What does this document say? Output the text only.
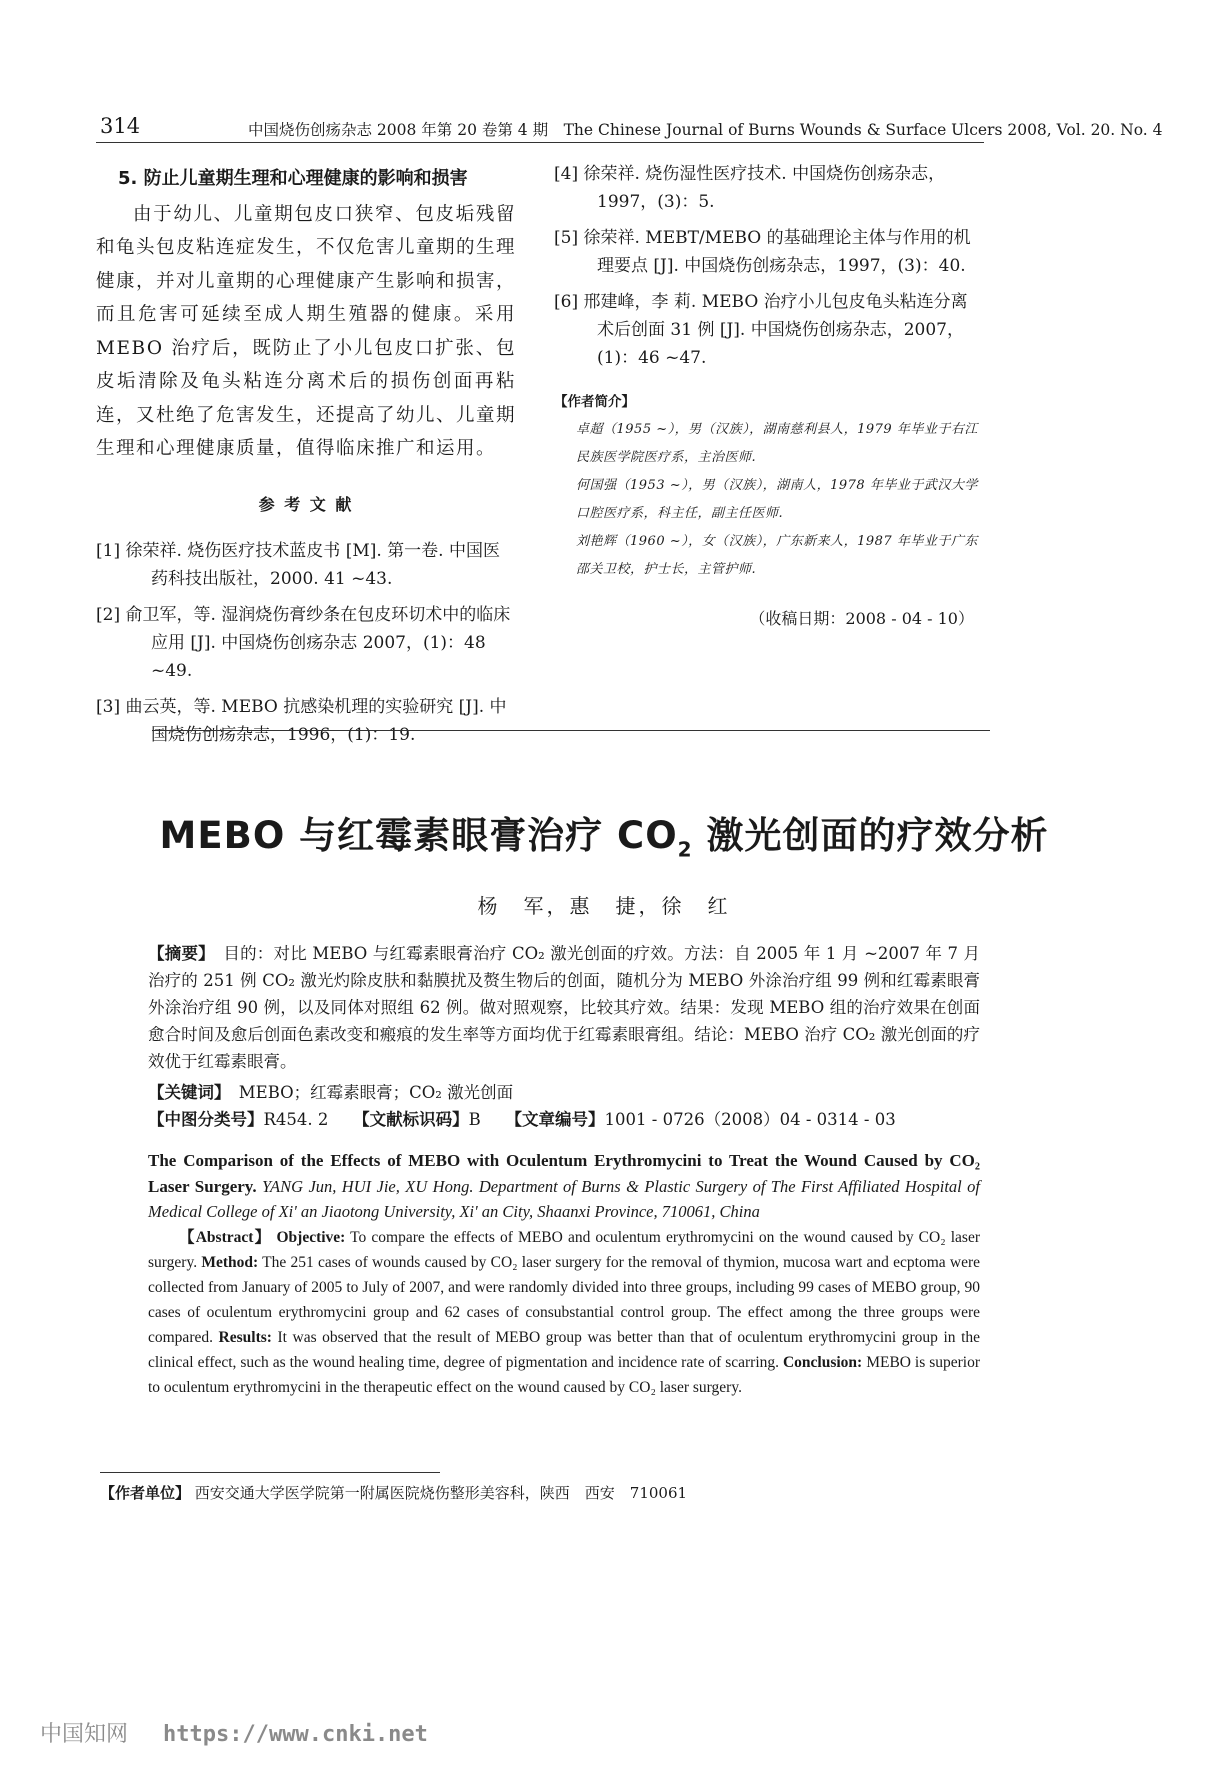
314	中国烧伤创疡杂志 2008 年第 20 卷第 4 期　The Chinese Journal of Burns Wounds & Surface Ulcers 2008, Vol. 20. No. 4
5. 防止儿童期生理和心理健康的影响和损害
由于幼儿、儿童期包皮口狭窄、包皮垢残留和龟头包皮粘连症发生，不仅危害儿童期的生理健康，并对儿童期的心理健康产生影响和损害，而且危害可延续至成人期生殖器的健康。采用 MEBO 治疗后，既防止了小儿包皮口扩张、包皮垢清除及龟头粘连分离术后的损伤创面再粘连，又杜绝了危害发生，还提高了幼儿、儿童期生理和心理健康质量，值得临床推广和运用。
参 考 文 献

[1] 徐荣祥. 烧伤医疗技术蓝皮书 [M]. 第一卷. 中国医药科技出版社，2000. 41 ~43.

[2] 俞卫军，等. 湿润烧伤膏纱条在包皮环切术中的临床应用 [J]. 中国烧伤创疡杂志 2007，(1)：48 ~49.

[3] 曲云英，等. MEBO 抗感染机理的实验研究 [J]. 中国烧伤创疡杂志，1996，(1)：19.

[4] 徐荣祥. 烧伤湿性医疗技术. 中国烧伤创疡杂志，1997，(3)：5.

[5] 徐荣祥. MEBT/MEBO 的基础理论主体与作用的机理要点 [J]. 中国烧伤创疡杂志，1997，(3)：40.

[6] 邢建峰，李 莉. MEBO 治疗小儿包皮龟头粘连分离术后创面 31 例 [J]. 中国烧伤创疡杂志，2007，(1)：46 ~47.

【作者简介】

卓超（1955 ~），男（汉族），湖南慈利县人，1979 年毕业于右江民族医学院医疗系，主治医师.

何国强（1953 ~），男（汉族），湖南人，1978 年毕业于武汉大学口腔医疗系，科主任，副主任医师.

刘艳辉（1960 ~），女（汉族），广东新来人，1987 年毕业于广东邵关卫校，护士长，主管护师.

（收稿日期：2008 - 04 - 10）
MEBO 与红霉素眼膏治疗 $CO_2$ 激光创面的疗效分析
杨　军，惠　捷，徐　红
【摘要】　 目的：对比 MEBO 与红霉素眼膏治疗 CO₂ 激光创面的疗效。方法：自 2005 年 1 月 ~2007 年 7 月治疗的 251 例 CO₂ 激光灼除皮肤和黏膜扰及赘生物后的创面，随机分为 MEBO 外涂治疗组 99 例和红霉素眼膏外涂治疗组 90 例，以及同体对照组 62 例。做对照观察，比较其疗效。结果：发现 MEBO 组的治疗效果在创面愈合时间及愈后创面色素改变和瘢痕的发生率等方面均优于红霉素眼膏组。结论：MEBO 治疗 CO₂ 激光创面的疗效优于红霉素眼膏。
【关键词】　 MEBO；红霉素眼膏；CO₂ 激光创面
【中图分类号】R454. 2　　 【文献标识码】B　　 【文章编号】1001 - 0726（2008）04 - 0314 - 03
The Comparison of the Effects of MEBO with Oculentum Erythromycini to Treat the Wound Caused by CO₂ Laser Surgery. YANG Jun, HUI Jie, XU Hong. Department of Burns & Plastic Surgery of The First Affiliated Hospital of Medical College of Xi' an Jiaotong University, Xi' an City, Shaanxi Province, 710061, China
【Abstract】 Objective: To compare the effects of MEBO and oculentum erythromycini on the wound caused by CO₂ laser surgery. Method: The 251 cases of wounds caused by CO₂ laser surgery for the removal of thymion, mucosa wart and ecptoma were collected from January of 2005 to July of 2007, and were randomly divided into three groups, including 99 cases of MEBO group, 90 cases of oculentum erythromycini group and 62 cases of consubstantial control group. The effect among the three groups were compared. Results: It was observed that the result of MEBO group was better than that of oculentum erythromycini group in the clinical effect, such as the wound healing time, degree of pigmentation and incidence rate of scarring. Conclusion: MEBO is superior to oculentum erythromycini in the therapeutic effect on the wound caused by CO₂ laser surgery.
【作者单位】 西安交通大学医学院第一附属医院烧伤整形美容科，陕西　西安　710061
中国知网 https://www.cnki.net
